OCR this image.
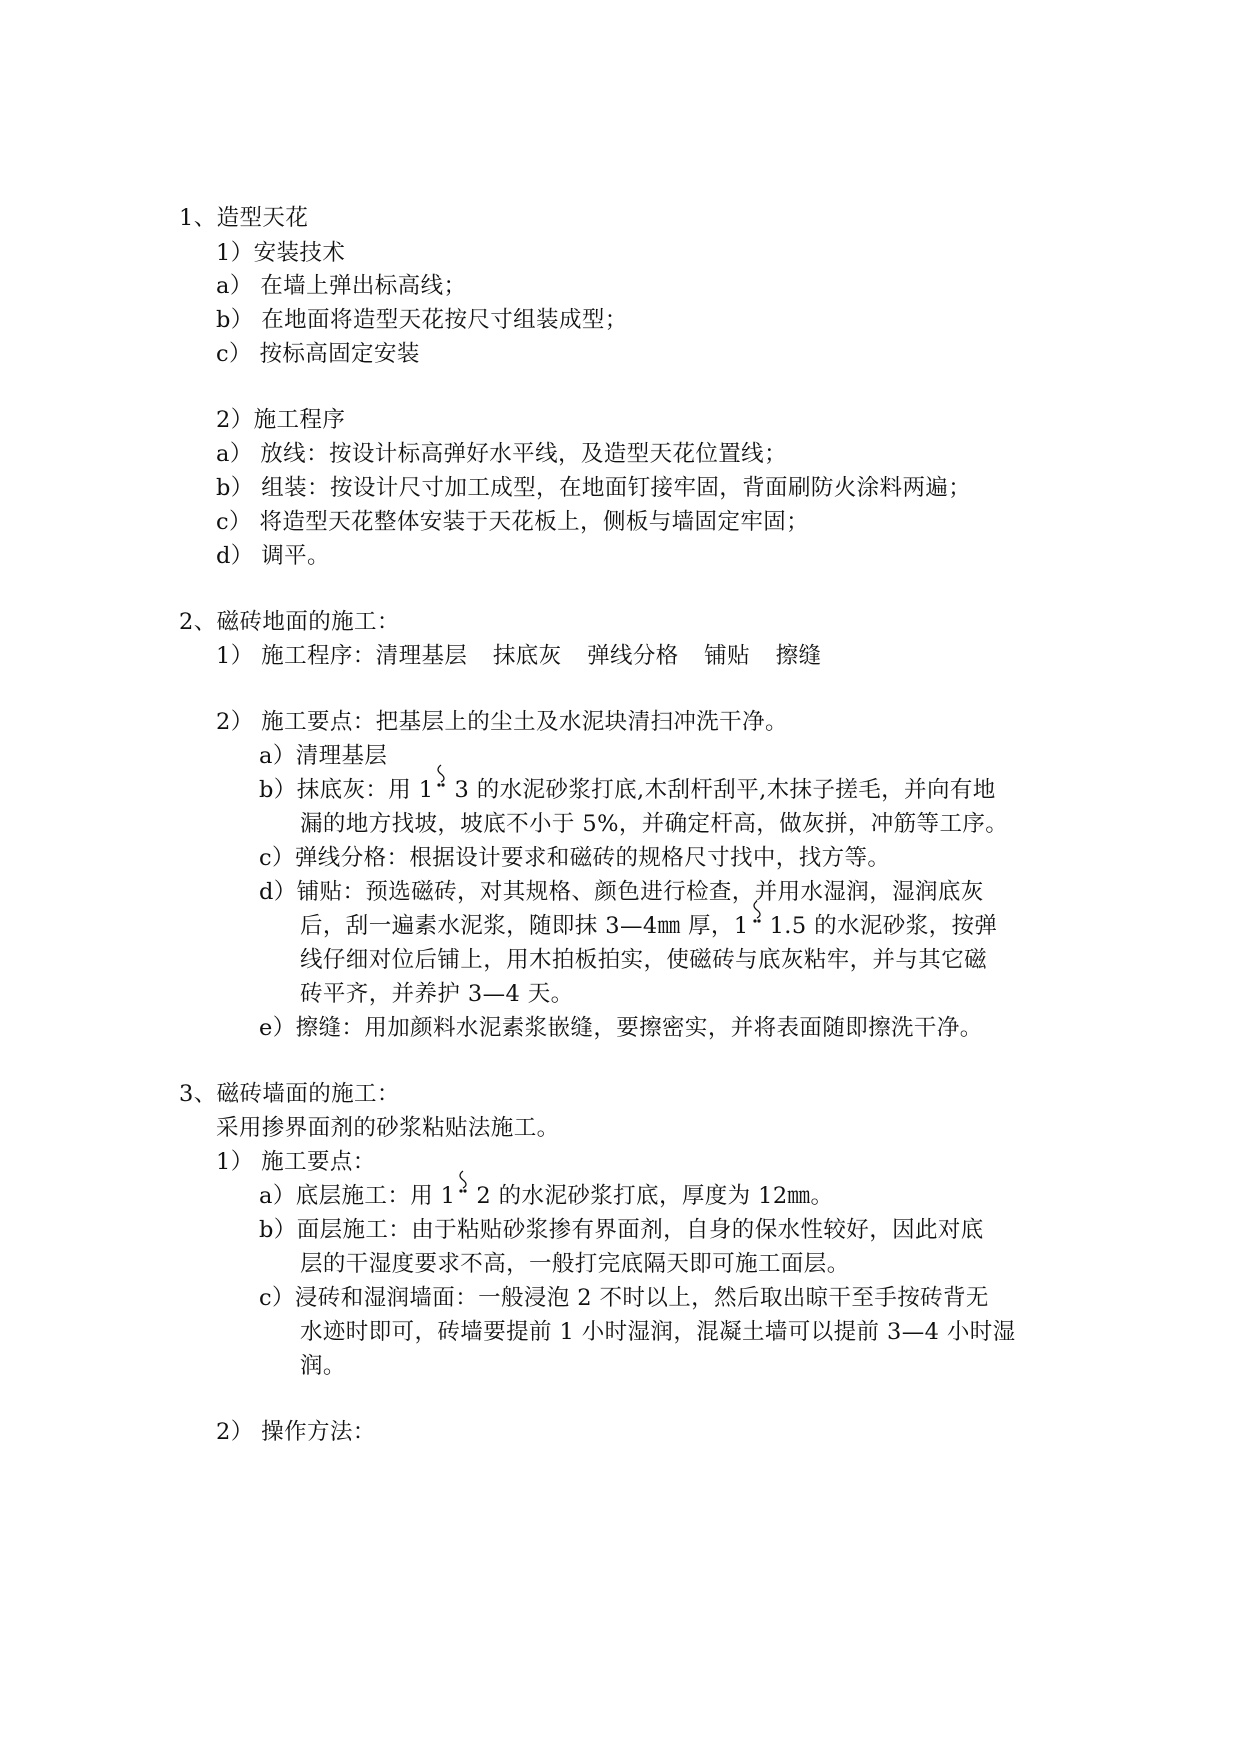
1、造型天花
1）安装技术
a） 在墙上弹出标高线；
b） 在地面将造型天花按尺寸组装成型；
c） 按标高固定安装
2）施工程序
a） 放线：按设计标高弹好水平线，及造型天花位置线；
b） 组装：按设计尺寸加工成型，在地面钉接牢固，背面刷防火涂料两遍；
c） 将造型天花整体安装于天花板上，侧板与墙固定牢固；
d） 调平。
2、磁砖地面的施工：
1） 施工程序：清理基层 抹底灰 弹线分格 铺贴 擦缝
2） 施工要点：把基层上的尘土及水泥块清扫冲洗干净。
a）清理基层
b）抹底灰：用 1 3 的水泥砂浆打底,木刮杆刮平,木抹子搓毛，并向有地
漏的地方找坡，坡底不小于 5%，并确定杆高，做灰拼，冲筋等工序。
c）弹线分格：根据设计要求和磁砖的规格尺寸找中，找方等。
d）铺贴：预选磁砖，对其规格、颜色进行检查，并用水湿润，湿润底灰
后，刮一遍素水泥浆，随即抹 3—4㎜ 厚，1 1.5 的水泥砂浆，按弹
线仔细对位后铺上，用木拍板拍实，使磁砖与底灰粘牢，并与其它磁
砖平齐，并养护 3—4 天。
e）擦缝：用加颜料水泥素浆嵌缝，要擦密实，并将表面随即擦洗干净。
3、磁砖墙面的施工：
采用掺界面剂的砂浆粘贴法施工。
1） 施工要点：
a）底层施工：用 1 2 的水泥砂浆打底，厚度为 12㎜。
b）面层施工：由于粘贴砂浆掺有界面剂，自身的保水性较好，因此对底
层的干湿度要求不高，一般打完底隔天即可施工面层。
c）浸砖和湿润墙面：一般浸泡 2 不时以上，然后取出晾干至手按砖背无
水迹时即可，砖墙要提前 1 小时湿润，混凝土墙可以提前 3—4 小时湿
润。
2） 操作方法：
